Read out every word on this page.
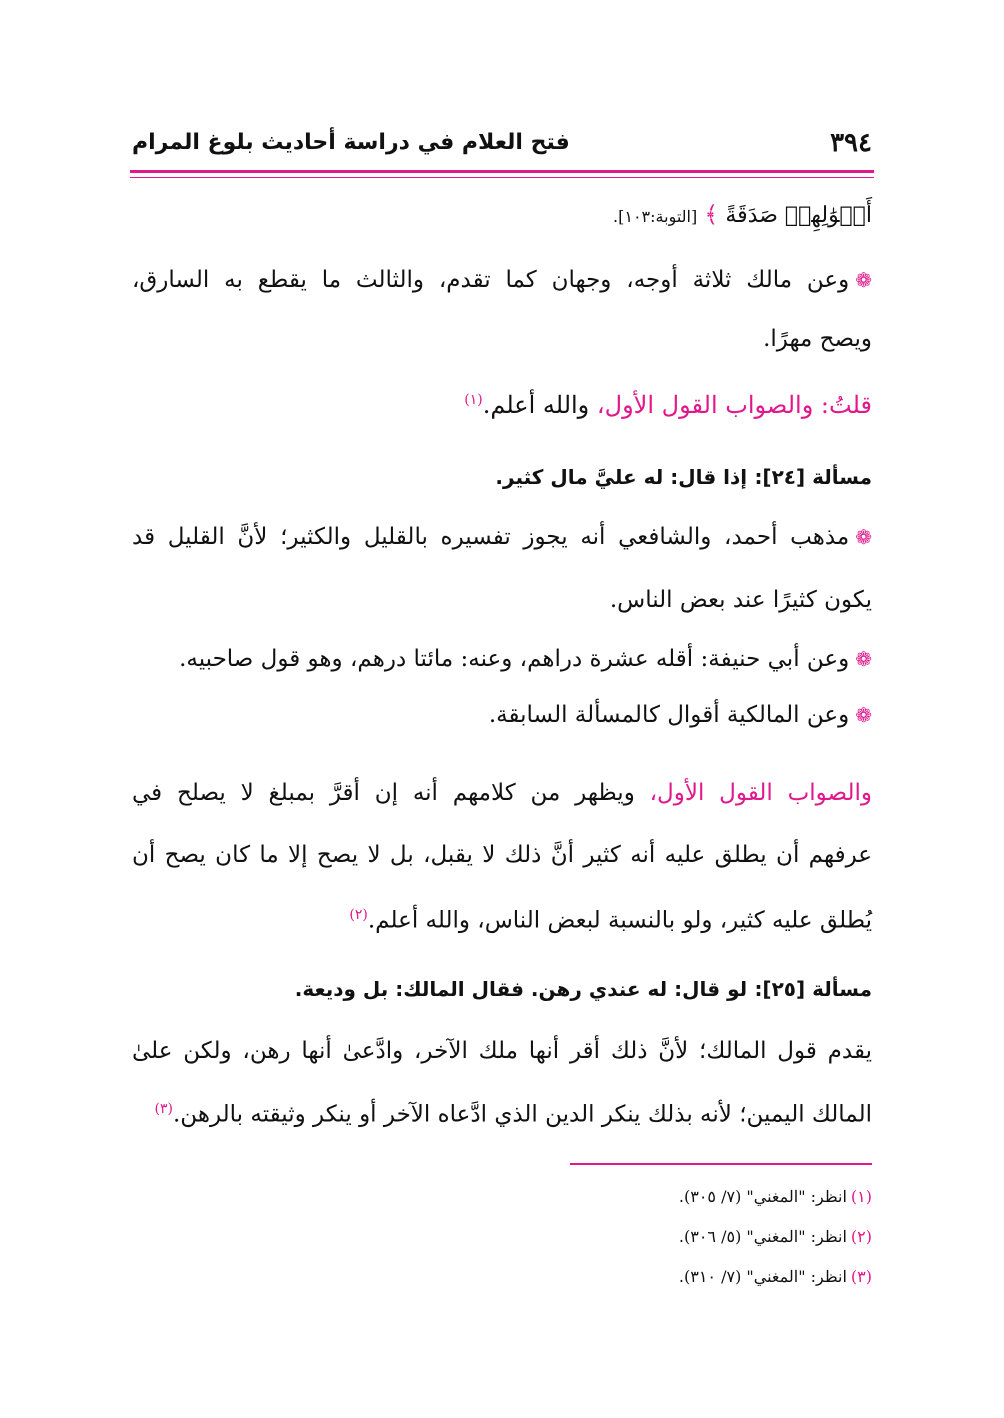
٣٩٤
فتح العلام في دراسة أحاديث بلوغ المرام
أَمۡوَٰلِهِمۡ صَدَقَةً ﴾ [التوبة:١٠٣].
❁وعن مالك ثلاثة أوجه، وجهان كما تقدم، والثالث ما يقطع به السارق،
ويصح مهرًا.
قلتُ: والصواب القول الأول، والله أعلم.$^{(١)}$
مسألة [٢٤]: إذا قال: له عليَّ مال كثير.
❁مذهب أحمد، والشافعي أنه يجوز تفسيره بالقليل والكثير؛ لأنَّ القليل قد
يكون كثيرًا عند بعض الناس.
❁وعن أبي حنيفة: أقله عشرة دراهم، وعنه: مائتا درهم، وهو قول صاحبيه.
❁وعن المالكية أقوال كالمسألة السابقة.
والصواب القول الأول، ويظهر من كلامهم أنه إن أقرَّ بمبلغ لا يصلح في
عرفهم أن يطلق عليه أنه كثير أنَّ ذلك لا يقبل، بل لا يصح إلا ما كان يصح أن
يُطلق عليه كثير، ولو بالنسبة لبعض الناس، والله أعلم.$^{(٢)}$
مسألة [٢٥]: لو قال: له عندي رهن. فقال المالك: بل وديعة.
يقدم قول المالك؛ لأنَّ ذلك أقر أنها ملك الآخر، وادَّعىٰ أنها رهن، ولكن علىٰ
المالك اليمين؛ لأنه بذلك ينكر الدين الذي ادَّعاه الآخر أو ينكر وثيقته بالرهن.$^{(٣)}$
(١)انظر: "المغني" (٧/ ٣٠٥).
(٢)انظر: "المغني" (٥/ ٣٠٦).
(٣)انظر: "المغني" (٧/ ٣١٠).
